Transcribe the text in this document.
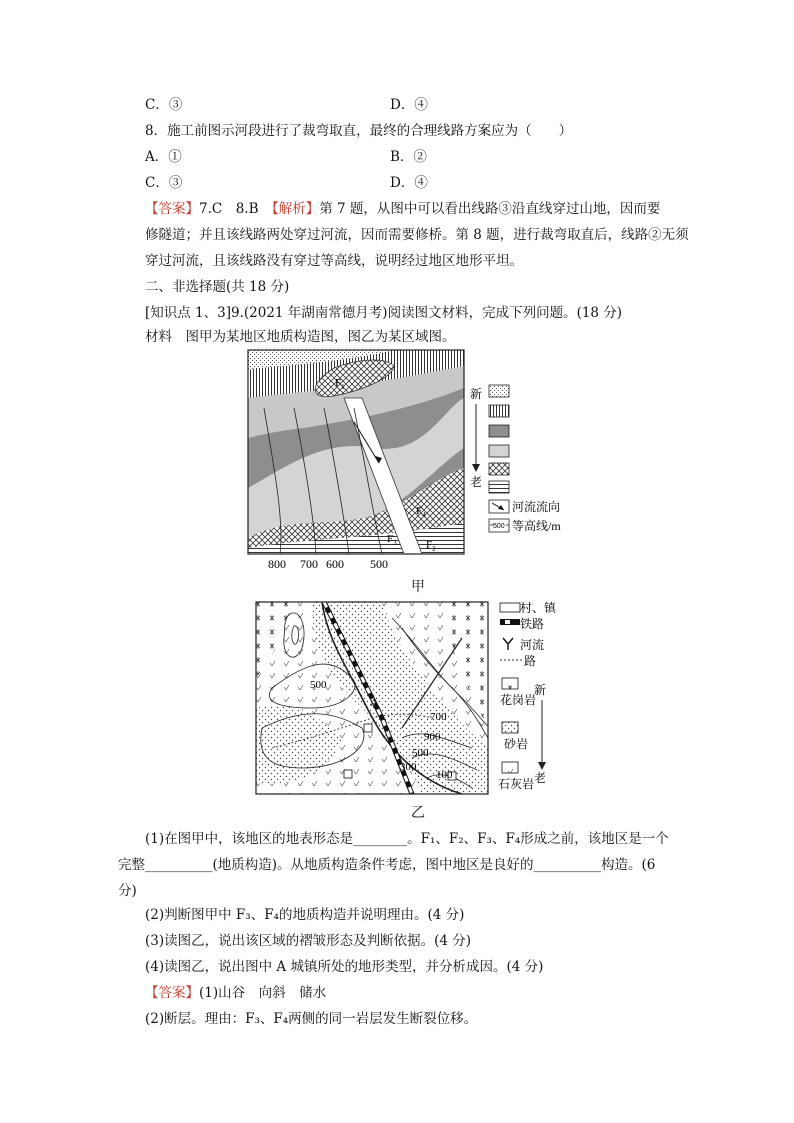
C．③	D．④
8．施工前图示河段进行了裁弯取直，最终的合理线路方案应为（　　）
A．①	B．②
C．③	D．④
【答案】7.C　8.B　【解析】第 7 题，从图中可以看出线路③沿直线穿过山地，因而要
修隧道；并且该线路两处穿过河流，因而需要修桥。第 8 题，进行裁弯取直后，线路②无须
穿过河流，且该线路没有穿过等高线，说明经过地区地形平坦。
二、非选择题(共 18 分)
[知识点 1、3]9.(2021 年湖南常德月考)阅读图文材料，完成下列问题。(18 分)
材料　图甲为某地区地质构造图，图乙为某区域图。
$F_1$
$F_4$
$F_3$	$F_2$
800 700 600 500
新
老
河流流向
500 等高线/m
甲
A
500
700
900
500
300
100
村、镇
铁路
河流
路
花岗岩
砂岩
石灰岩
新
老
乙
(1)在图甲中，该地区的地表形态是________。F₁、F₂、F₃、F₄形成之前，该地区是一个
完整__________(地质构造)。从地质构造条件考虑，图中地区是良好的__________构造。(6
分)
(2)判断图甲中 F₃、F₄的地质构造并说明理由。(4 分)
(3)读图乙，说出该区域的褶皱形态及判断依据。(4 分)
(4)读图乙，说出图中 A 城镇所处的地形类型，并分析成因。(4 分)
【答案】(1)山谷　向斜　储水
(2)断层。理由：F₃、F₄两侧的同一岩层发生断裂位移。
